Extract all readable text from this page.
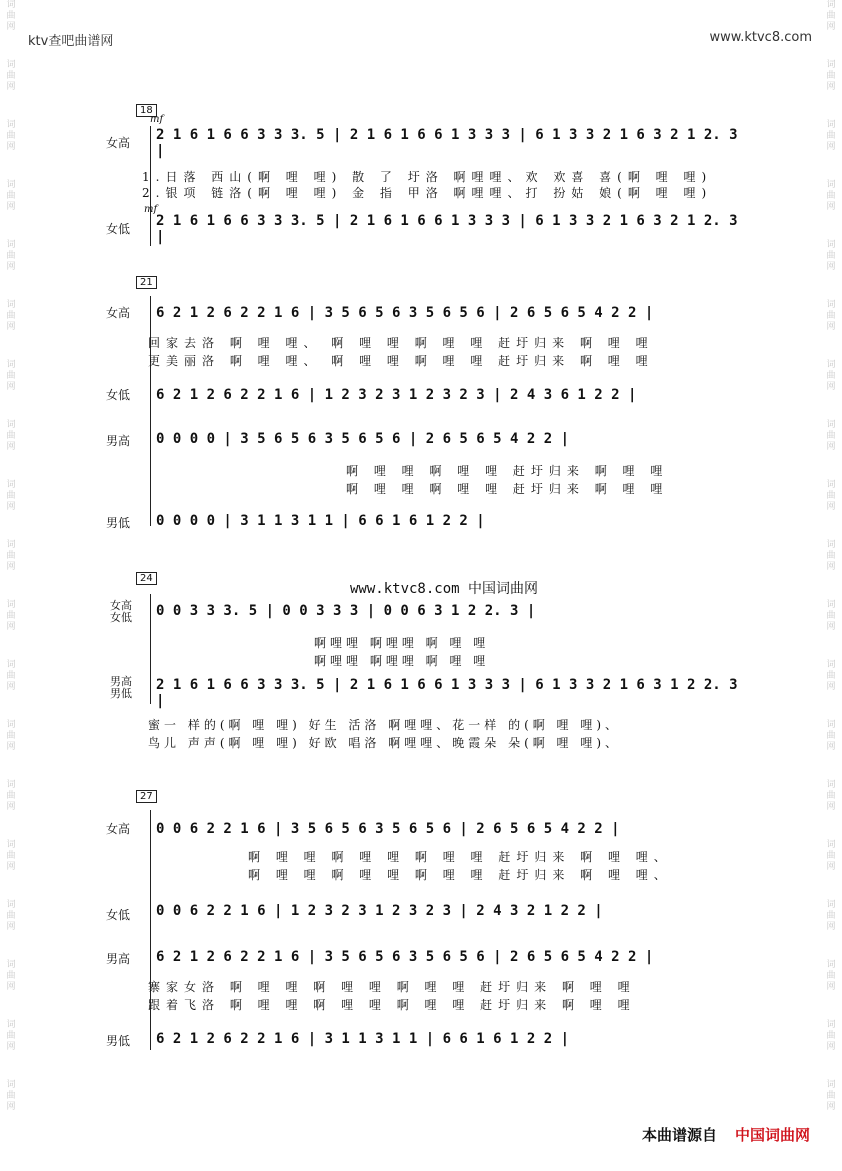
ktv查吧曲谱网	www.ktvc8.com
词
曲
网
词
曲
网
词
曲
网
词
曲
网
词
曲
网
词
曲
网
词
曲
网
词
曲
网
词
曲
网
词
曲
网
词
曲
网
词
曲
网
词
曲
网
词
曲
网
词
曲
网
词
曲
网
词
曲
网
词
曲
网
词
曲
网
词
曲
网
词
曲
网
词
曲
网
词
曲
网
词
曲
网
词
曲
网
词
曲
网
词
曲
网
词
曲
网
词
曲
网
词
曲
网
词
曲
网
词
曲
网
词
曲
网
词
曲
网
词
曲
网
词
曲
网
词
曲
网
词
曲
网
18
mf
女高 2 1 6 1 6 6 3 3 3. 5 | 2 1 6 1 6 6 1 3 3 3 | 6 1 3 3 2 1 6 3 2 1 2. 3 |
1.日落 西山(啊 哩 哩) 散 了 圩洛 啊哩哩、欢 欢喜 喜(啊 哩 哩)
2.银项 链洛(啊 哩 哩) 金 指 甲洛 啊哩哩、打 扮姑 娘(啊 哩 哩)
mf
女低 2 1 6 1 6 6 3 3 3. 5 | 2 1 6 1 6 6 1 3 3 3 | 6 1 3 3 2 1 6 3 2 1 2. 3 |
21
女高 6 2 1 2 6 2 2 1 6 | 3 5 6 5 6 3 5 6 5 6 | 2 6 5 6 5 4 2 2 |
回家去洛 啊 哩 哩、 啊 哩 哩 啊 哩 哩 赶圩归来 啊 哩 哩
更美丽洛 啊 哩 哩、 啊 哩 哩 啊 哩 哩 赶圩归来 啊 哩 哩
女低 6 2 1 2 6 2 2 1 6 | 1 2 3 2 3 1 2 3 2 3 | 2 4 3 6 1 2 2 |
男高 0 0 0 0 | 3 5 6 5 6 3 5 6 5 6 | 2 6 5 6 5 4 2 2 |
啊 哩 哩 啊 哩 哩 赶圩归来 啊 哩 哩
啊 哩 哩 啊 哩 哩 赶圩归来 啊 哩 哩
男低 0 0 0 0 | 3 1 1 3 1 1 | 6 6 1 6 1 2 2 |
www.ktvc8.com 中国词曲网
24
女高女低 0 0 3 3 3. 5 | 0 0 3 3 3 | 0 0 6 3 1 2 2. 3 |
啊哩哩 啊哩哩 啊 哩 哩
啊哩哩 啊哩哩 啊 哩 哩
男高男低
2 1 6 1 6 6 3 3 3. 5 | 2 1 6 1 6 6 1 3 3 3 | 6 1 3 3 2 1 6 3 1 2 2. 3 |
蜜一 样的(啊 哩 哩) 好生 活洛 啊哩哩、花一样 的(啊 哩 哩)、
鸟儿 声声(啊 哩 哩) 好欧 唱洛 啊哩哩、晚霞朵 朵(啊 哩 哩)、
27
女高 0 0 6 2 2 1 6 | 3 5 6 5 6 3 5 6 5 6 | 2 6 5 6 5 4 2 2 |
啊 哩 哩 啊 哩 哩 啊 哩 哩 赶圩归来 啊 哩 哩、
啊 哩 哩 啊 哩 哩 啊 哩 哩 赶圩归来 啊 哩 哩、
女低 0 0 6 2 2 1 6 | 1 2 3 2 3 1 2 3 2 3 | 2 4 3 2 1 2 2 |
男高 6 2 1 2 6 2 2 1 6 | 3 5 6 5 6 3 5 6 5 6 | 2 6 5 6 5 4 2 2 |
寨家女洛 啊 哩 哩 啊 哩 哩 啊 哩 哩 赶圩归来 啊 哩 哩
跟着飞洛 啊 哩 哩 啊 哩 哩 啊 哩 哩 赶圩归来 啊 哩 哩
男低 6 2 1 2 6 2 2 1 6 | 3 1 1 3 1 1 | 6 6 1 6 1 2 2 |
本曲谱源自 中国词曲网
